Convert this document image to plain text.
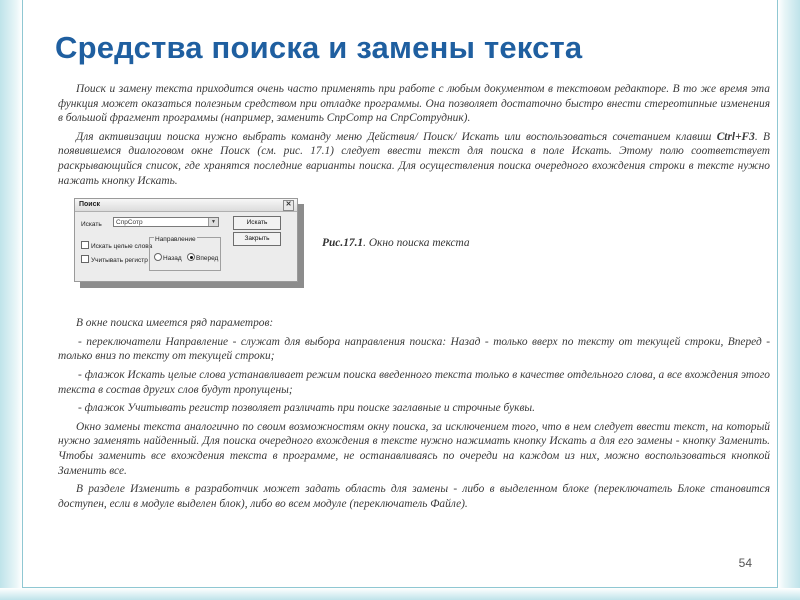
Средства поиска и замены текста

Поиск и замену текста приходится очень часто применять при работе с любым документом в текстовом редакторе. В то же время эта функция может оказаться полезным средством при отладке программы. Она позволяет достаточно быстро внести стереотипные изменения в большой фрагмент программы (например, заменить СпрСотр на СпрСотрудник).

Для активизации поиска нужно выбрать команду меню Действия/ Поиск/ Искать или воспользоваться сочетанием клавиш Ctrl+F3. В появившемся диалоговом окне Поиск (см. рис. 17.1) следует ввести текст для поиска в поле Искать. Этому полю соответствует раскрывающийся список, где хранятся последние варианты поиска. Для осуществления поиска очередного вхождения строки в тексте нужно нажать кнопку Искать.

Поиск	✕
Искать	СпрСотр	▼	Искать
Закрыть
Искать целые слова
Учитывать регистр
Направление
Назад Вперед
Рис.17.1. Окно поиска текста

В окне поиска имеется ряд параметров:

- переключатели Направление - служат для выбора направления поиска: Назад - только вверх по тексту от текущей строки, Вперед - только вниз по тексту от текущей строки;

- флажок Искать целые слова устанавливает режим поиска введенного текста только в качестве отдельного слова, а все вхождения этого текста в состав других слов будут пропущены;

- флажок Учитывать регистр позволяет различать при поиске заглавные и строчные буквы.

Окно замены текста аналогично по своим возможностям окну поиска, за исключением того, что в нем следует ввести текст, на который нужно заменять найденный. Для поиска очередного вхождения в тексте нужно нажимать кнопку Искать а для его замены - кнопку Заменить. Чтобы заменить все вхождения текста в программе, не останавливаясь по очереди на каждом из них, можно воспользоваться кнопкой Заменить все.

В разделе Изменить в разработчик может задать область для замены - либо в выделенном блоке (переключатель Блоке становится доступен, если в модуле выделен блок), либо во всем модуле (переключатель Файле).

54
